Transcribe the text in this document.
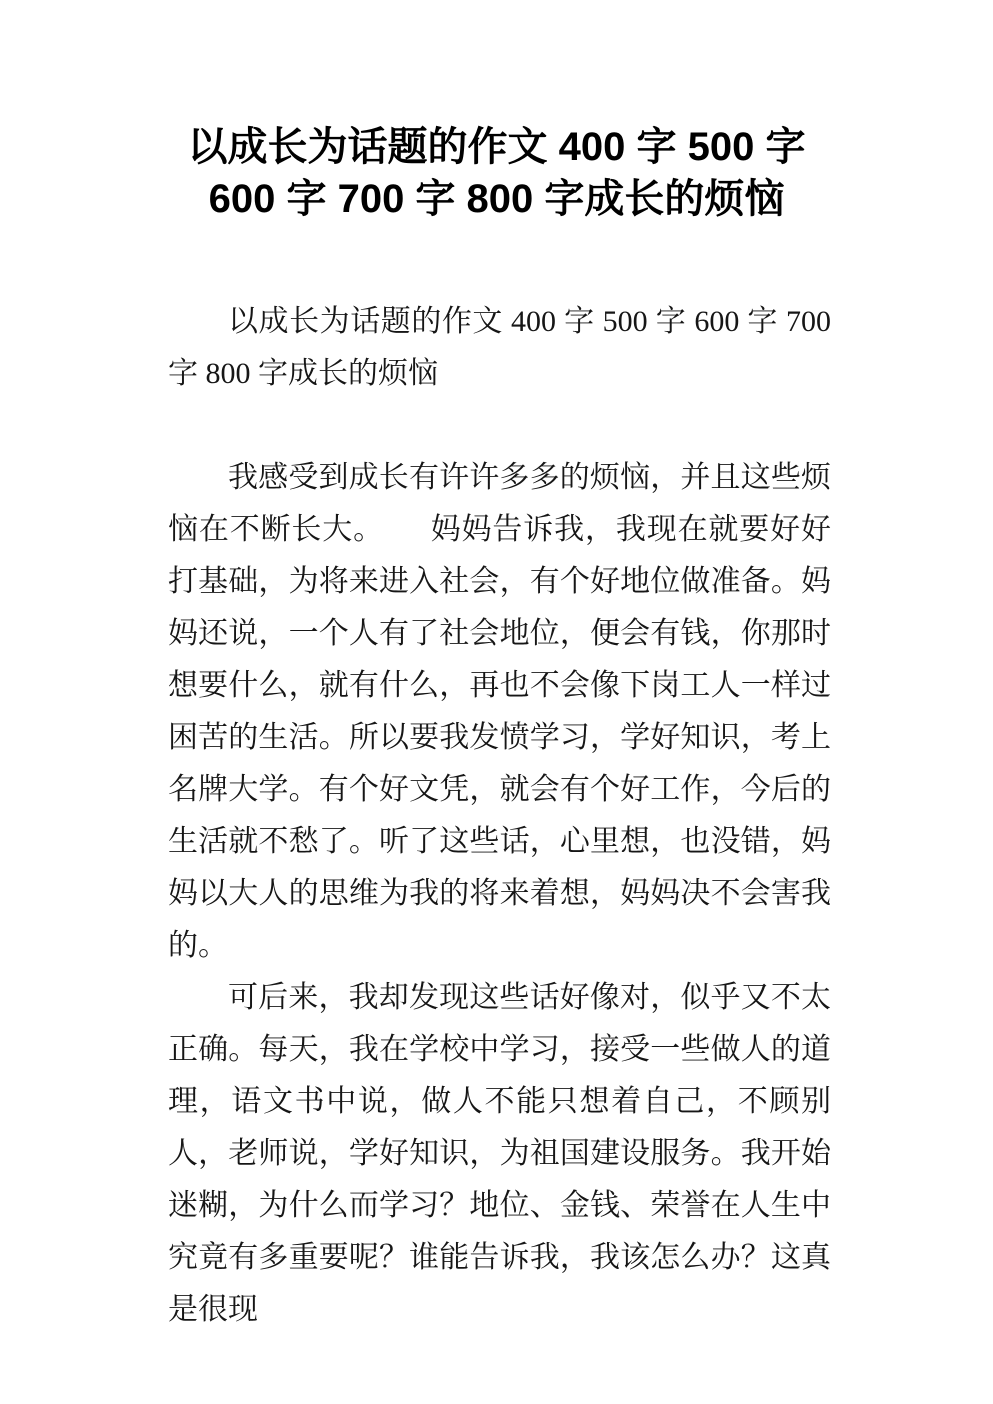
以成长为话题的作文 400 字 500 字
600 字 700 字 800 字成长的烦恼

以成长为话题的作文 400 字 500 字 600 字 700 字 800 字成长的烦恼

我感受到成长有许许多多的烦恼，并且这些烦恼在不断长大。　　妈妈告诉我，我现在就要好好打基础，为将来进入社会，有个好地位做准备。妈妈还说，一个人有了社会地位，便会有钱，你那时想要什么，就有什么，再也不会像下岗工人一样过困苦的生活。所以要我发愤学习，学好知识，考上名牌大学。有个好文凭，就会有个好工作，今后的生活就不愁了。听了这些话，心里想，也没错，妈妈以大人的思维为我的将来着想，妈妈决不会害我的。

可后来，我却发现这些话好像对，似乎又不太正确。每天，我在学校中学习，接受一些做人的道理，语文书中说，做人不能只想着自己，不顾别人，老师说，学好知识，为祖国建设服务。我开始迷糊，为什么而学习？地位、金钱、荣誉在人生中究竟有多重要呢？谁能告诉我，我该怎么办？这真是很现
